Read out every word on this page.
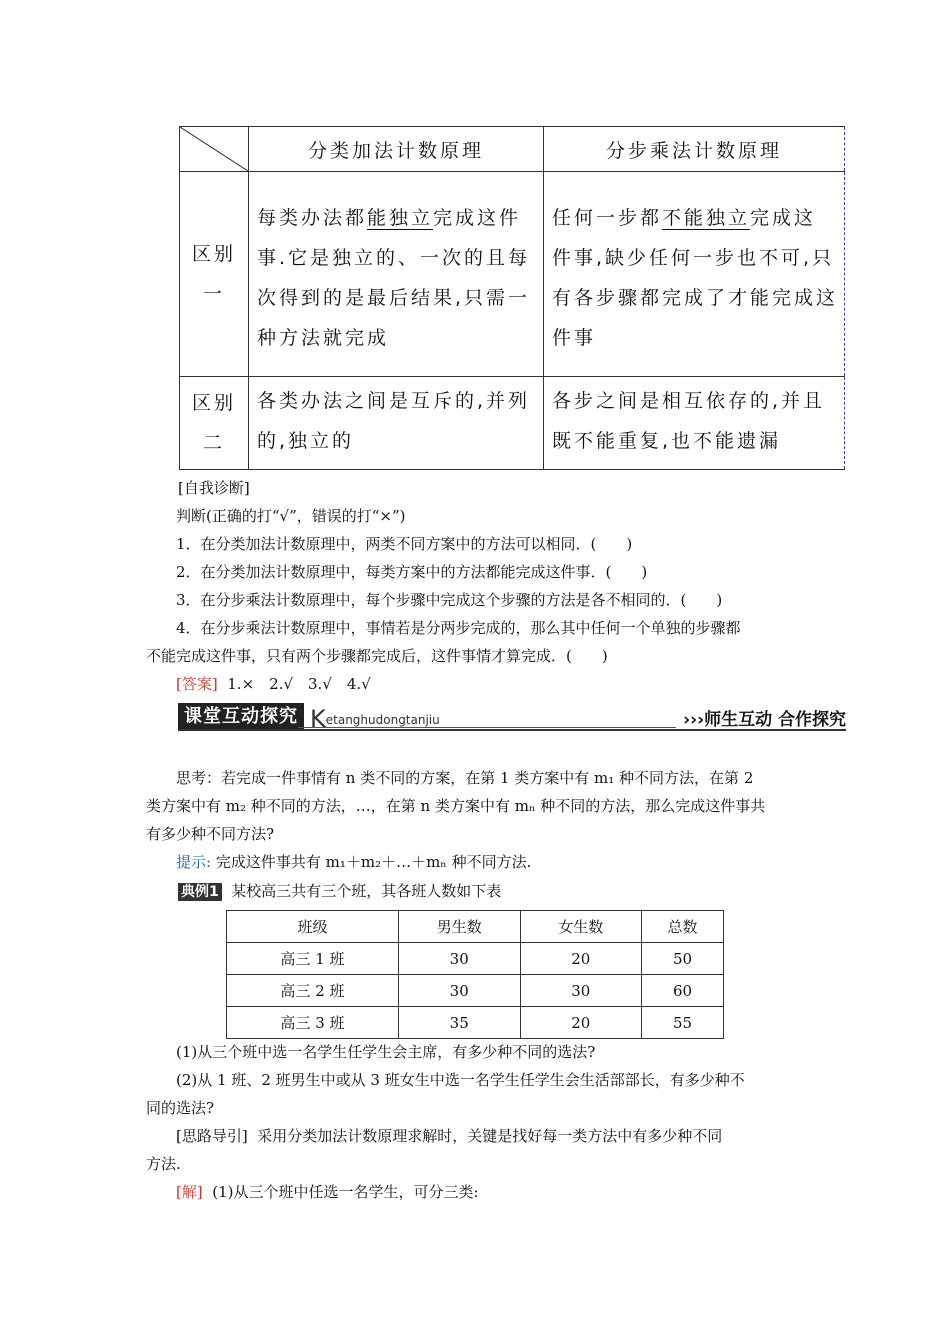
	分类加法计数原理	分步乘法计数原理

区别
一	每类办法都能独立完成这件事.它是独立的、一次的且每次得到的是最后结果,只需一种方法就完成	任何一步都不能独立完成这件事,缺少任何一步也不可,只有各步骤都完成了才能完成这件事

区别
二	各类办法之间是互斥的,并列的,独立的	各步之间是相互依存的,并且既不能重复,也不能遗漏
[自我诊断]
判断(正确的打“√”，错误的打“×”)
1．在分类加法计数原理中，两类不同方案中的方法可以相同．(　　)
2．在分类加法计数原理中，每类方案中的方法都能完成这件事．(　　)
3．在分步乘法计数原理中，每个步骤中完成这个步骤的方法是各不相同的．(　　)
4．在分步乘法计数原理中，事情若是分两步完成的，那么其中任何一个单独的步骤都
不能完成这件事，只有两个步骤都完成后，这件事情才算完成．(　　)
[答案] 1.×　2.√　3.√　4.√
课堂互动探究 Ketanghudongtanjiu	›››师生互动 合作探究
思考：若完成一件事情有 n 类不同的方案，在第 1 类方案中有 m₁ 种不同方法，在第 2
类方案中有 m₂ 种不同的方法，…，在第 n 类方案中有 mₙ 种不同的方法，那么完成这件事共
有多少种不同方法?
提示: 完成这件事共有 m₁＋m₂＋…＋mₙ 种不同方法.
典例1 某校高三共有三个班，其各班人数如下表
班级	男生数	女生数	总数
高三 1 班	30	20	50
高三 2 班	30	30	60
高三 3 班	35	20	55
(1)从三个班中选一名学生任学生会主席，有多少种不同的选法?
(2)从 1 班、2 班男生中或从 3 班女生中选一名学生任学生会生活部部长，有多少种不
同的选法?
[思路导引] 采用分类加法计数原理求解时，关键是找好每一类方法中有多少种不同
方法.
[解] (1)从三个班中任选一名学生，可分三类:
